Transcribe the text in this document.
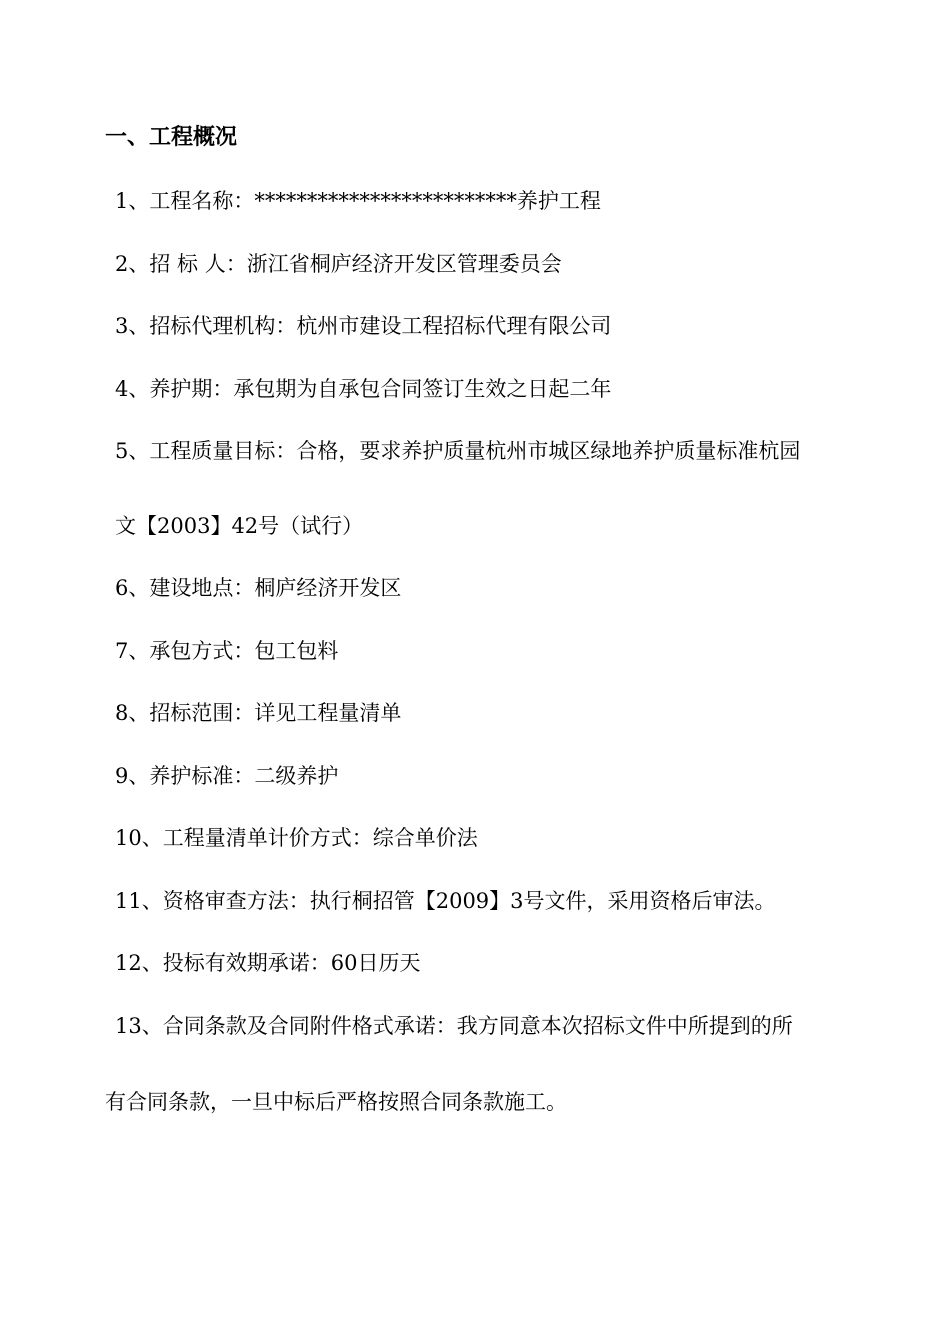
一、工程概况
1、工程名称：*************************养护工程
2、招 标 人：浙江省桐庐经济开发区管理委员会
3、招标代理机构：杭州市建设工程招标代理有限公司
4、养护期：承包期为自承包合同签订生效之日起二年
5、工程质量目标：合格，要求养护质量杭州市城区绿地养护质量标准杭园
文【2003】42号（试行）
6、建设地点：桐庐经济开发区
7、承包方式：包工包料
8、招标范围：详见工程量清单
9、养护标准：二级养护
10、工程量清单计价方式：综合单价法
11、资格审查方法：执行桐招管【2009】3号文件，采用资格后审法。
12、投标有效期承诺：60日历天
13、合同条款及合同附件格式承诺：我方同意本次招标文件中所提到的所
有合同条款，一旦中标后严格按照合同条款施工。
